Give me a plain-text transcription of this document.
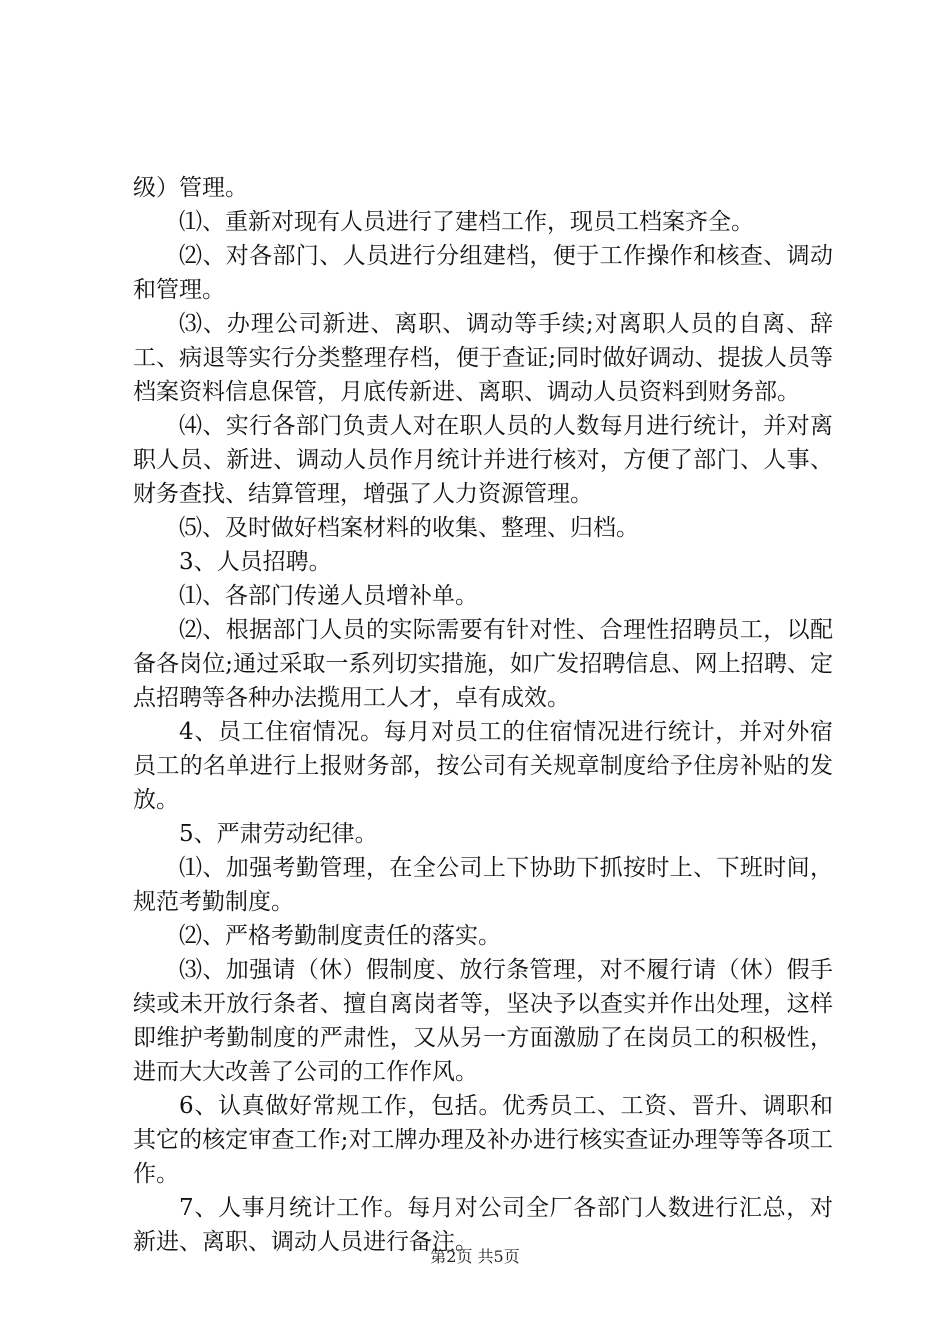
级）管理。

⑴、重新对现有人员进行了建档工作，现员工档案齐全。

⑵、对各部门、人员进行分组建档，便于工作操作和核查、调动和管理。

⑶、办理公司新进、离职、调动等手续;对离职人员的自离、辞工、病退等实行分类整理存档，便于查证;同时做好调动、提拔人员等档案资料信息保管，月底传新进、离职、调动人员资料到财务部。

⑷、实行各部门负责人对在职人员的人数每月进行统计，并对离职人员、新进、调动人员作月统计并进行核对，方便了部门、人事、财务查找、结算管理，增强了人力资源管理。

⑸、及时做好档案材料的收集、整理、归档。

3、人员招聘。

⑴、各部门传递人员增补单。

⑵、根据部门人员的实际需要有针对性、合理性招聘员工，以配备各岗位;通过采取一系列切实措施，如广发招聘信息、网上招聘、定点招聘等各种办法揽用工人才，卓有成效。

4、员工住宿情况。每月对员工的住宿情况进行统计，并对外宿员工的名单进行上报财务部，按公司有关规章制度给予住房补贴的发放。

5、严肃劳动纪律。

⑴、加强考勤管理，在全公司上下协助下抓按时上、下班时间，规范考勤制度。

⑵、严格考勤制度责任的落实。

⑶、加强请（休）假制度、放行条管理，对不履行请（休）假手续或未开放行条者、擅自离岗者等，坚决予以查实并作出处理，这样即维护考勤制度的严肃性，又从另一方面激励了在岗员工的积极性，进而大大改善了公司的工作作风。

6、认真做好常规工作，包括。优秀员工、工资、晋升、调职和其它的核定审查工作;对工牌办理及补办进行核实查证办理等等各项工作。

7、人事月统计工作。每月对公司全厂各部门人数进行汇总，对新进、离职、调动人员进行备注。

第2页 共5页
